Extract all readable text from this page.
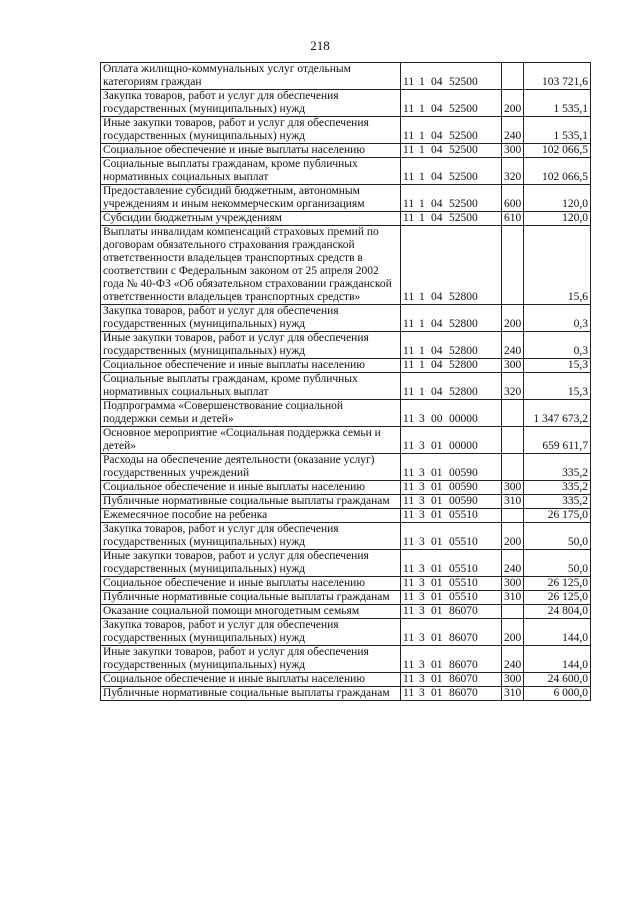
218
Оплата жилищно-коммунальных услуг отдельным категориям граждан	11 1 04 52500		103 721,6
Закупка товаров, работ и услуг для обеспечения государственных (муниципальных) нужд	11 1 04 52500	200	1 535,1
Иные закупки товаров, работ и услуг для обеспечения государственных (муниципальных) нужд	11 1 04 52500	240	1 535,1
Социальное обеспечение и иные выплаты населению	11 1 04 52500	300	102 066,5
Социальные выплаты гражданам, кроме публичных нормативных социальных выплат	11 1 04 52500	320	102 066,5
Предоставление субсидий бюджетным, автономным учреждениям и иным некоммерческим организациям	11 1 04 52500	600	120,0
Субсидии бюджетным учреждениям	11 1 04 52500	610	120,0
Выплаты инвалидам компенсаций страховых премий по договорам обязательного страхования гражданской ответственности владельцев транспортных средств в соответствии с Федеральным законом от 25 апреля 2002 года № 40-ФЗ «Об обязательном страховании гражданской ответственности владельцев транспортных средств»	11 1 04 52800		15,6
Закупка товаров, работ и услуг для обеспечения государственных (муниципальных) нужд	11 1 04 52800	200	0,3
Иные закупки товаров, работ и услуг для обеспечения государственных (муниципальных) нужд	11 1 04 52800	240	0,3
Социальное обеспечение и иные выплаты населению	11 1 04 52800	300	15,3
Социальные выплаты гражданам, кроме публичных нормативных социальных выплат	11 1 04 52800	320	15,3
Подпрограмма «Совершенствование социальной поддержки семьи и детей»	11 3 00 00000		1 347 673,2
Основное мероприятие «Социальная поддержка семьи и детей»	11 3 01 00000		659 611,7
Расходы на обеспечение деятельности (оказание услуг) государственных учреждений	11 3 01 00590		335,2
Социальное обеспечение и иные выплаты населению	11 3 01 00590	300	335,2
Публичные нормативные социальные выплаты гражданам	11 3 01 00590	310	335,2
Ежемесячное пособие на ребенка	11 3 01 05510		26 175,0
Закупка товаров, работ и услуг для обеспечения государственных (муниципальных) нужд	11 3 01 05510	200	50,0
Иные закупки товаров, работ и услуг для обеспечения государственных (муниципальных) нужд	11 3 01 05510	240	50,0
Социальное обеспечение и иные выплаты населению	11 3 01 05510	300	26 125,0
Публичные нормативные социальные выплаты гражданам	11 3 01 05510	310	26 125,0
Оказание социальной помощи многодетным семьям	11 3 01 86070		24 804,0
Закупка товаров, работ и услуг для обеспечения государственных (муниципальных) нужд	11 3 01 86070	200	144,0
Иные закупки товаров, работ и услуг для обеспечения государственных (муниципальных) нужд	11 3 01 86070	240	144,0
Социальное обеспечение и иные выплаты населению	11 3 01 86070	300	24 600,0
Публичные нормативные социальные выплаты гражданам	11 3 01 86070	310	6 000,0
